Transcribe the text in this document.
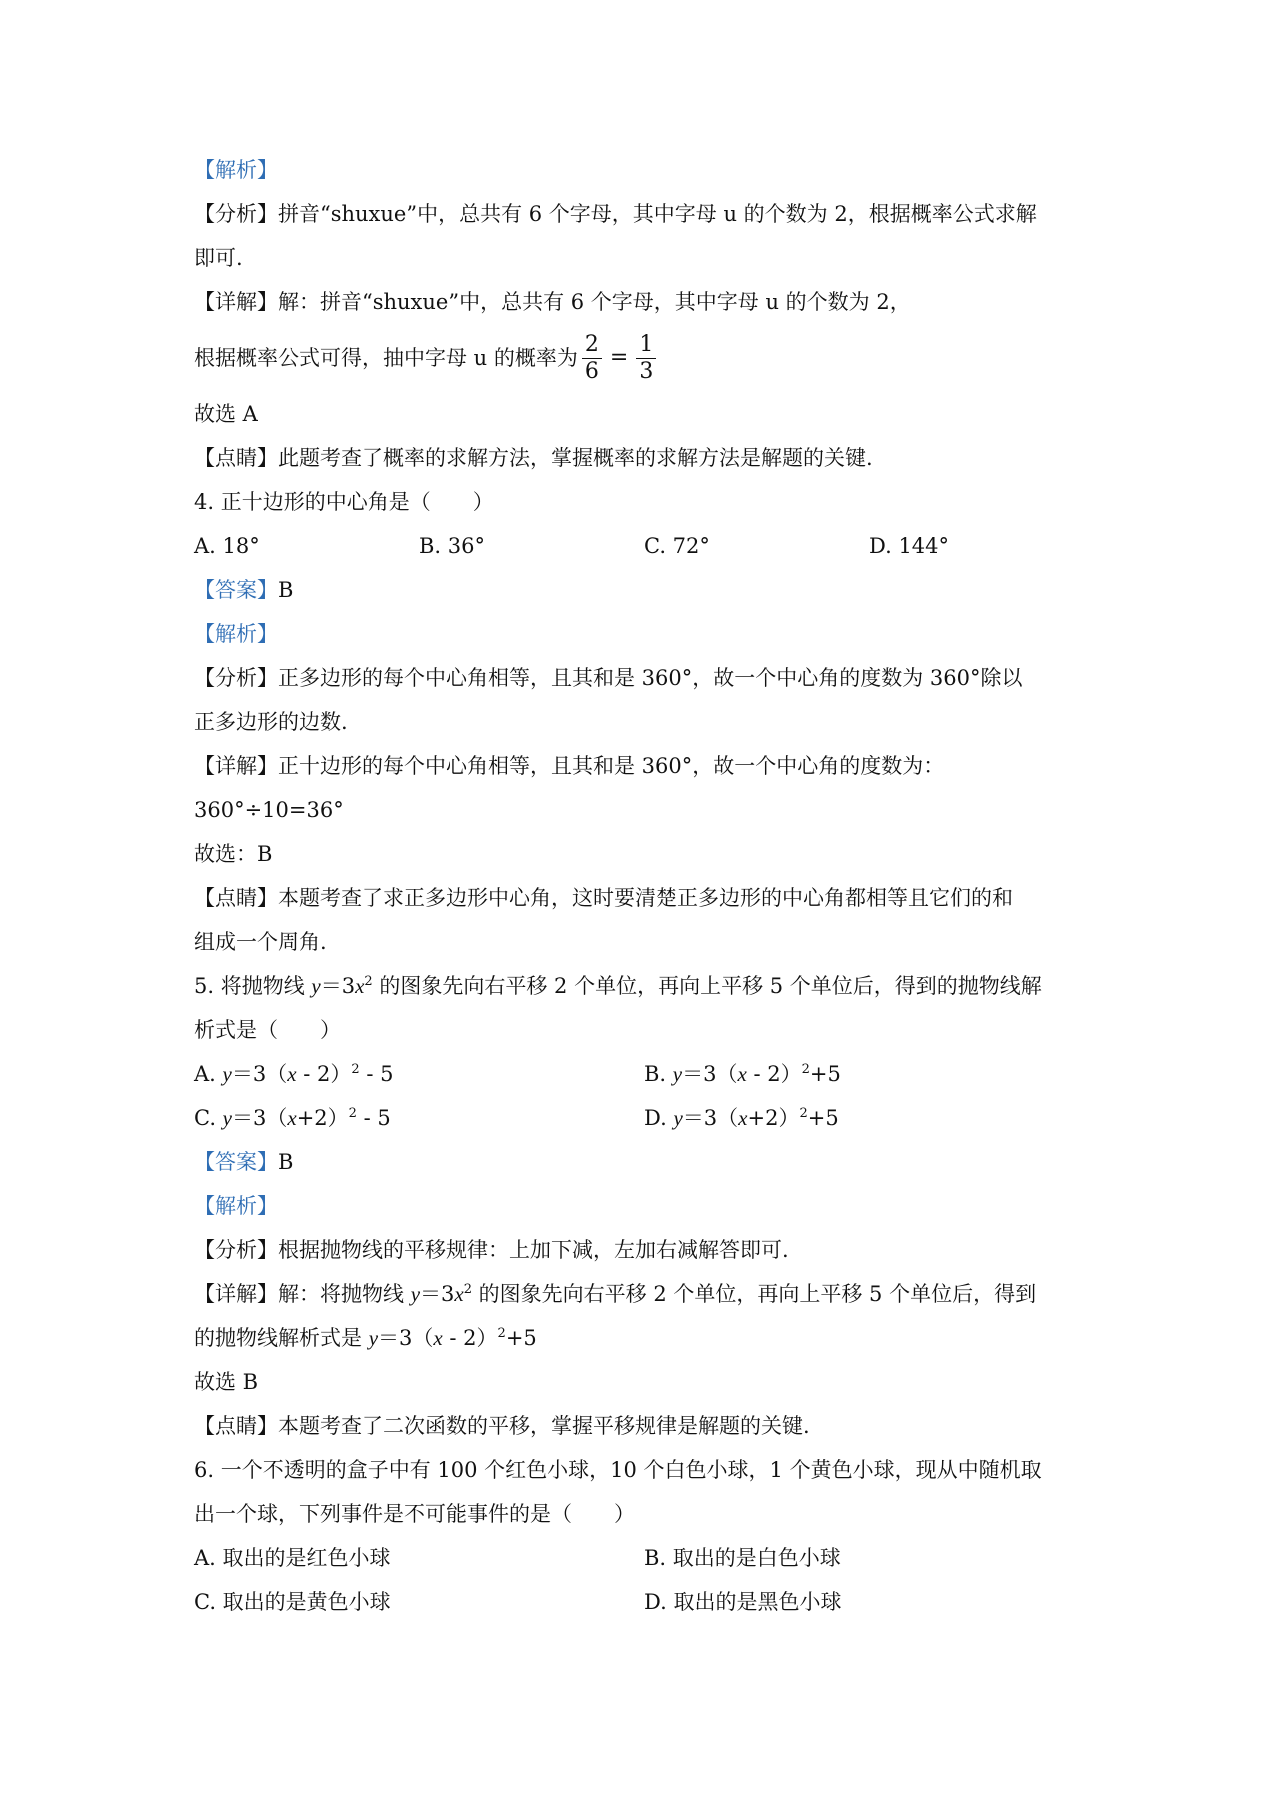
【解析】
【分析】拼音“shuxue”中，总共有 6 个字母，其中字母 u 的个数为 2，根据概率公式求解
即可.
【详解】解：拼音“shuxue”中，总共有 6 个字母，其中字母 u 的个数为 2，
根据概率公式可得，抽中字母 u 的概率为 $\frac{2}{6} = \frac{1}{3}$
故选 A
【点睛】此题考查了概率的求解方法，掌握概率的求解方法是解题的关键.
4. 正十边形的中心角是（　　）
A. 18°	B. 36°	C. 72°	D. 144°
【答案】B
【解析】
【分析】正多边形的每个中心角相等，且其和是 360°，故一个中心角的度数为 360°除以
正多边形的边数.
【详解】正十边形的每个中心角相等，且其和是 360°，故一个中心角的度数为：
360°÷10=36°
故选：B
【点睛】本题考查了求正多边形中心角，这时要清楚正多边形的中心角都相等且它们的和
组成一个周角.
5. 将抛物线 $y=3x^2$ 的图象先向右平移 2 个单位，再向上平移 5 个单位后，得到的抛物线解
析式是（　　）
A. y＝3（x - 2）$^2$ - 5	B. y＝3（x - 2）$^2$+5
C. $y=3(x+2)^2 - 5$	D. $y=3(x+2)^2+5$
【答案】B
【解析】
【分析】根据抛物线的平移规律：上加下减，左加右减解答即可.
【详解】解：将抛物线 $y=3x^2$ 的图象先向右平移 2 个单位，再向上平移 5 个单位后，得到
的抛物线解析式是 y＝3（x - 2）$^2$+5
故选 B
【点睛】本题考查了二次函数的平移，掌握平移规律是解题的关键.
6. 一个不透明的盒子中有 100 个红色小球，10 个白色小球，1 个黄色小球，现从中随机取
出一个球，下列事件是不可能事件的是（　　）
A. 取出的是红色小球	B. 取出的是白色小球
C. 取出的是黄色小球	D. 取出的是黑色小球
